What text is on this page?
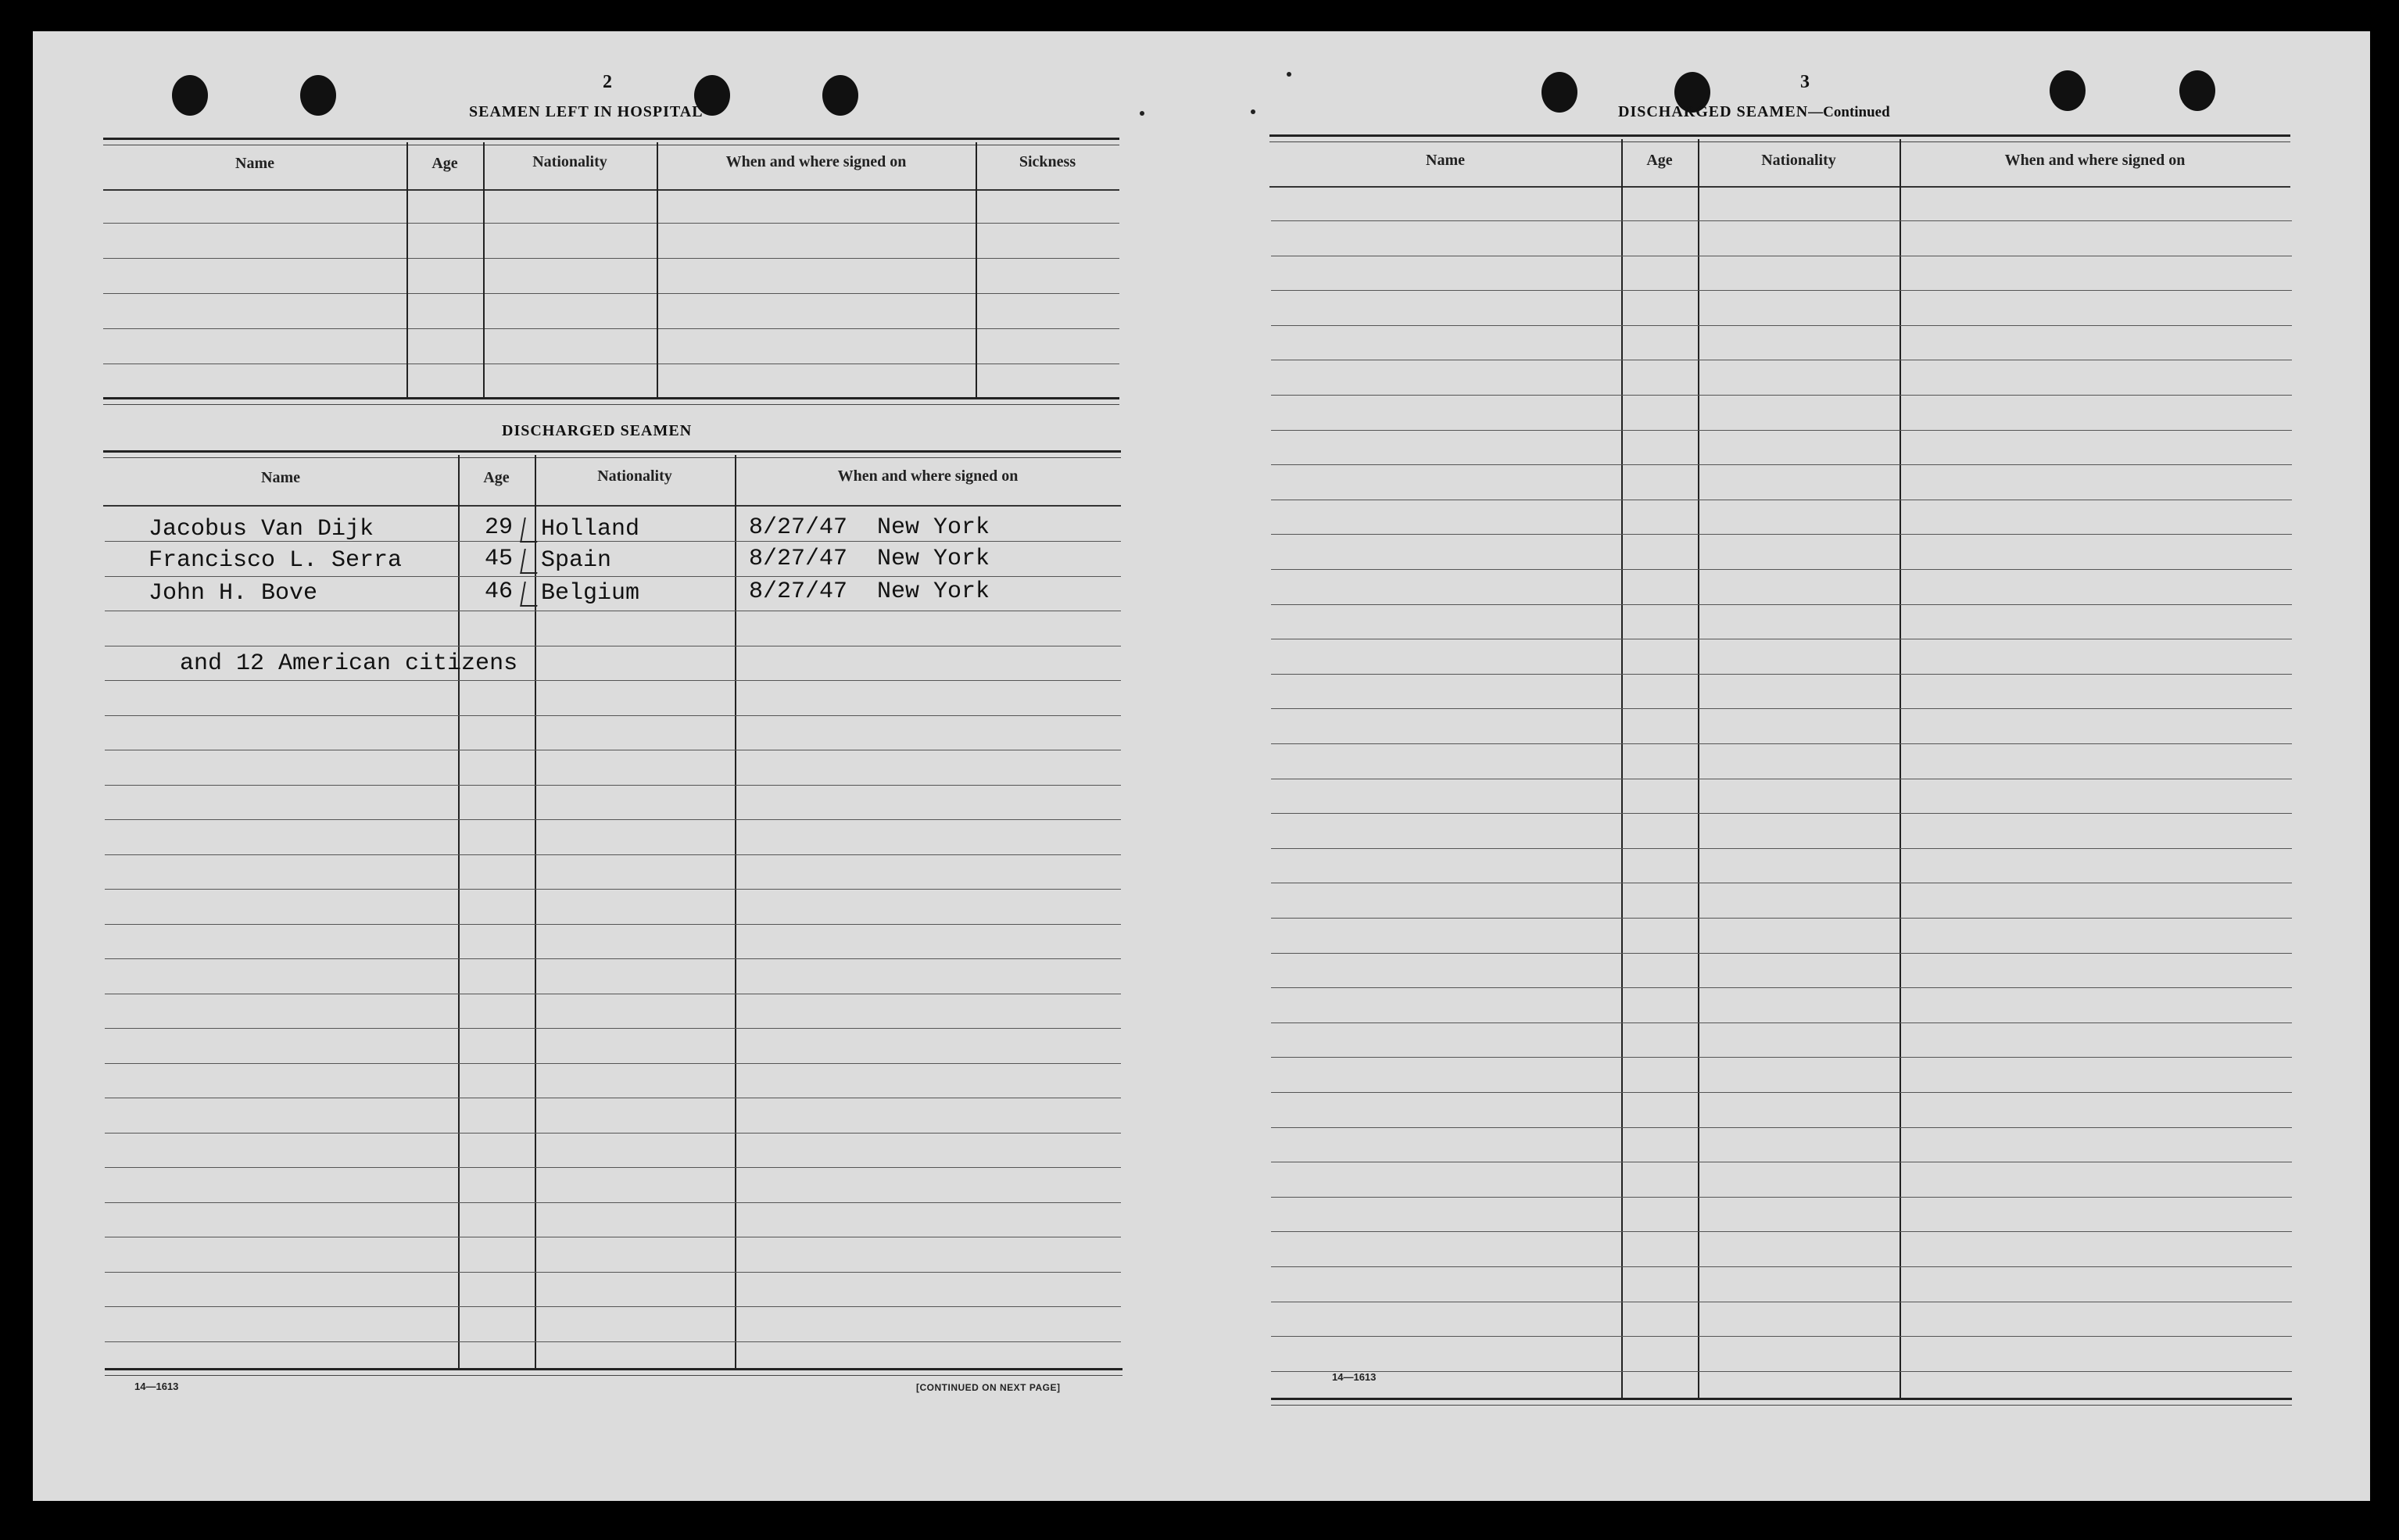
2
SEAMEN LEFT IN HOSPITAL
Name	Age	Nationality	When and where signed on	Sickness
DISCHARGED SEAMEN
Name	Age	Nationality	When and where signed on
Jacobus Van Dijk	29 Holland	8/27/47 New York
Francisco L. Serra	45 Spain	8/27/47 New York
John H. Bove	46 Belgium	8/27/47 New York
and 12 American citizens
14—1613	[CONTINUED ON NEXT PAGE]
3
DISCHARGED SEAMEN—Continued
Name	Age	Nationality	When and where signed on
14—1613
